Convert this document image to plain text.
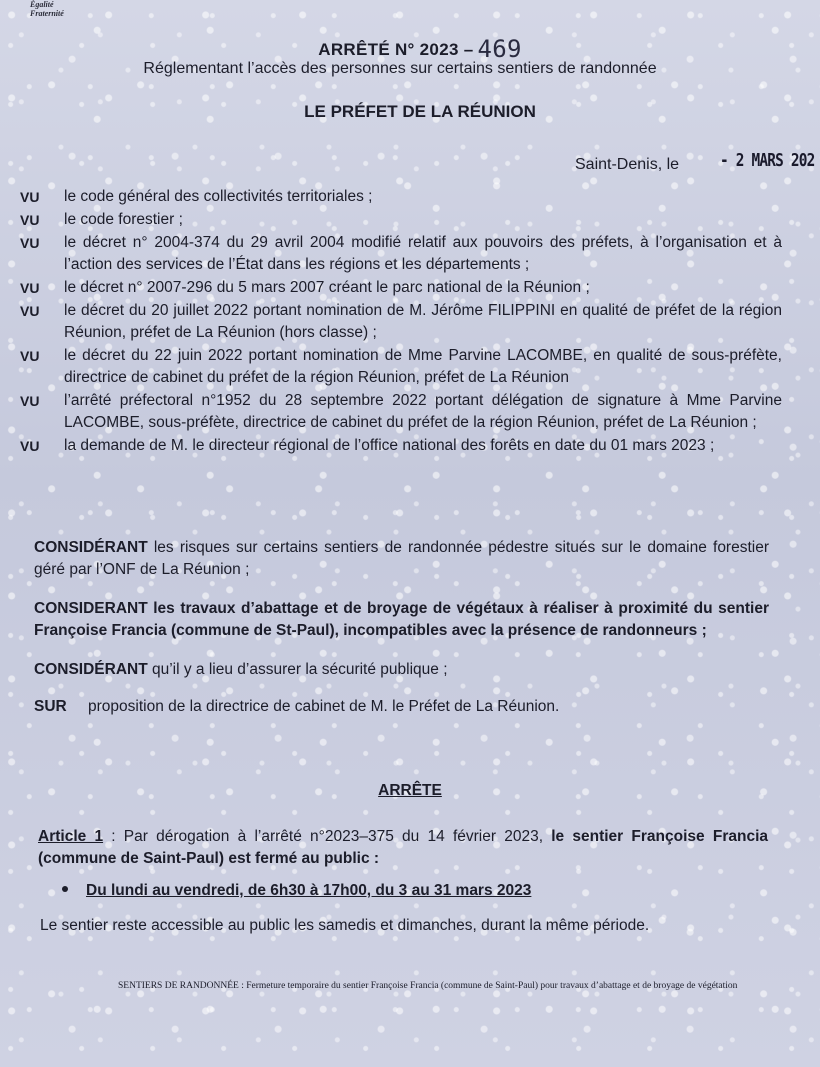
Égalité
Fraternité
ARRÊTÉ N° 2023 – 469
Réglementant l’accès des personnes sur certains sentiers de randonnée
LE PRÉFET DE LA RÉUNION
Saint-Denis, le - 2 MARS 202
VU	le code général des collectivités territoriales ;
VU	le code forestier ;
VU	le décret n° 2004-374 du 29 avril 2004 modifié relatif aux pouvoirs des préfets, à l’organisation et à l’action des services de l’État dans les régions et les départements ;
VU	le décret n° 2007-296 du 5 mars 2007 créant le parc national de la Réunion ;
VU	le décret du 20 juillet 2022 portant nomination de M. Jérôme FILIPPINI en qualité de préfet de la région Réunion, préfet de La Réunion (hors classe) ;
VU	le décret du 22 juin 2022 portant nomination de Mme Parvine LACOMBE, en qualité de sous-préfète, directrice de cabinet du préfet de la région Réunion, préfet de La Réunion
VU	l’arrêté préfectoral n°1952 du 28 septembre 2022 portant délégation de signature à Mme Parvine LACOMBE, sous-préfète, directrice de cabinet du préfet de la région Réunion, préfet de La Réunion ;
VU	la demande de M. le directeur régional de l’office national des forêts en date du 01 mars 2023 ;

CONSIDÉRANT les risques sur certains sentiers de randonnée pédestre situés sur le domaine forestier géré par l’ONF de La Réunion ;

CONSIDERANT les travaux d’abattage et de broyage de végétaux à réaliser à proximité du sentier Françoise Francia (commune de St-Paul), incompatibles avec la présence de randonneurs ;

CONSIDÉRANT qu’il y a lieu d’assurer la sécurité publique ;

SUR	proposition de la directrice de cabinet de M. le Préfet de La Réunion.
ARRÊTE
Article 1 : Par dérogation à l’arrêté n°2023–375 du 14 février 2023, le sentier Françoise Francia (commune de Saint-Paul) est fermé au public :
Du lundi au vendredi, de 6h30 à 17h00, du 3 au 31 mars 2023
Le sentier reste accessible au public les samedis et dimanches, durant la même période.
SENTIERS DE RANDONNÉE : Fermeture temporaire du sentier Françoise Francia (commune de Saint-Paul) pour travaux d’abattage et de broyage de végétation
